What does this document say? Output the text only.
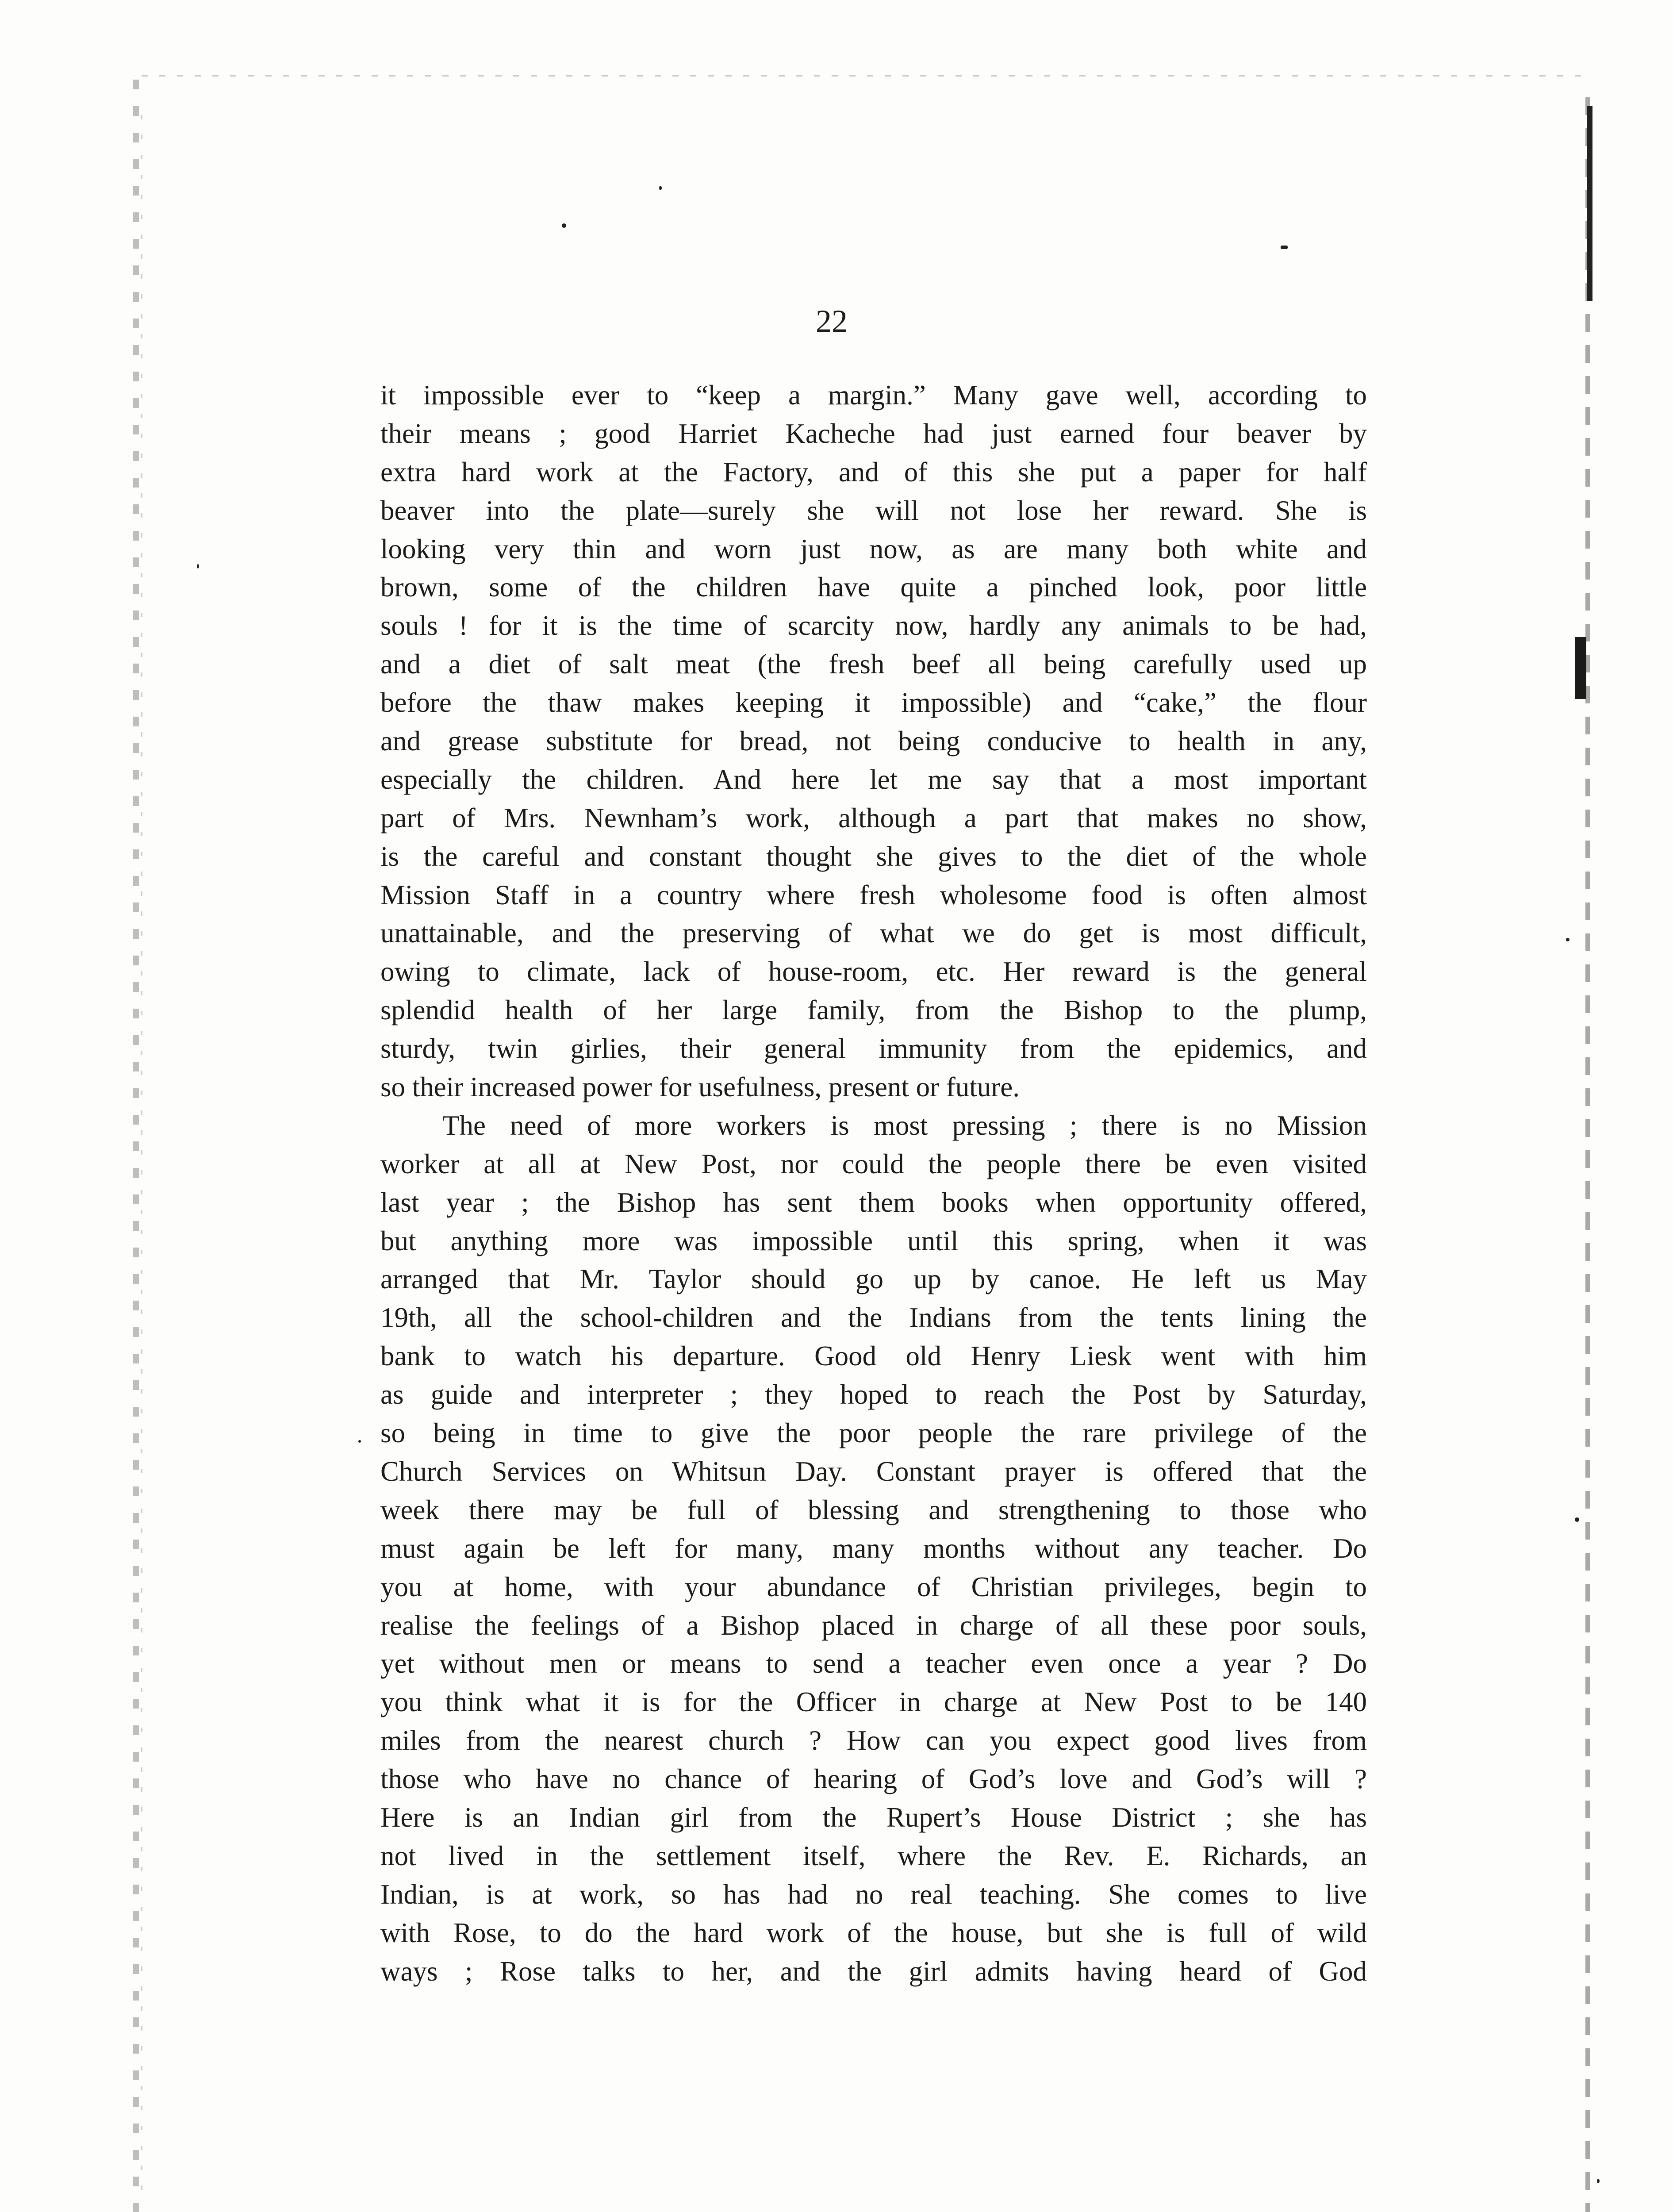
22
it impossible ever to “keep a margin.” Many gave well, according to
their means ; good Harriet Kacheche had just earned four beaver by
extra hard work at the Factory, and of this she put a paper for half
beaver into the plate—surely she will not lose her reward. She is
looking very thin and worn just now, as are many both white and
brown, some of the children have quite a pinched look, poor little
souls ! for it is the time of scarcity now, hardly any animals to be had,
and a diet of salt meat (the fresh beef all being carefully used up
before the thaw makes keeping it impossible) and “cake,” the flour
and grease substitute for bread, not being conducive to health in any,
especially the children. And here let me say that a most important
part of Mrs. Newnham’s work, although a part that makes no show,
is the careful and constant thought she gives to the diet of the whole
Mission Staff in a country where fresh wholesome food is often almost
unattainable, and the preserving of what we do get is most difficult,
owing to climate, lack of house-room, etc. Her reward is the general
splendid health of her large family, from the Bishop to the plump,
sturdy, twin girlies, their general immunity from the epidemics, and
so their increased power for usefulness, present or future.
The need of more workers is most pressing ; there is no Mission
worker at all at New Post, nor could the people there be even visited
last year ; the Bishop has sent them books when opportunity offered,
but anything more was impossible until this spring, when it was
arranged that Mr. Taylor should go up by canoe. He left us May
19th, all the school-children and the Indians from the tents lining the
bank to watch his departure. Good old Henry Liesk went with him
as guide and interpreter ; they hoped to reach the Post by Saturday,
so being in time to give the poor people the rare privilege of the
Church Services on Whitsun Day. Constant prayer is offered that the
week there may be full of blessing and strengthening to those who
must again be left for many, many months without any teacher. Do
you at home, with your abundance of Christian privileges, begin to
realise the feelings of a Bishop placed in charge of all these poor souls,
yet without men or means to send a teacher even once a year ? Do
you think what it is for the Officer in charge at New Post to be 140
miles from the nearest church ? How can you expect good lives from
those who have no chance of hearing of God’s love and God’s will ?
Here is an Indian girl from the Rupert’s House District ; she has
not lived in the settlement itself, where the Rev. E. Richards, an
Indian, is at work, so has had no real teaching. She comes to live
with Rose, to do the hard work of the house, but she is full of wild
ways ; Rose talks to her, and the girl admits having heard of God
